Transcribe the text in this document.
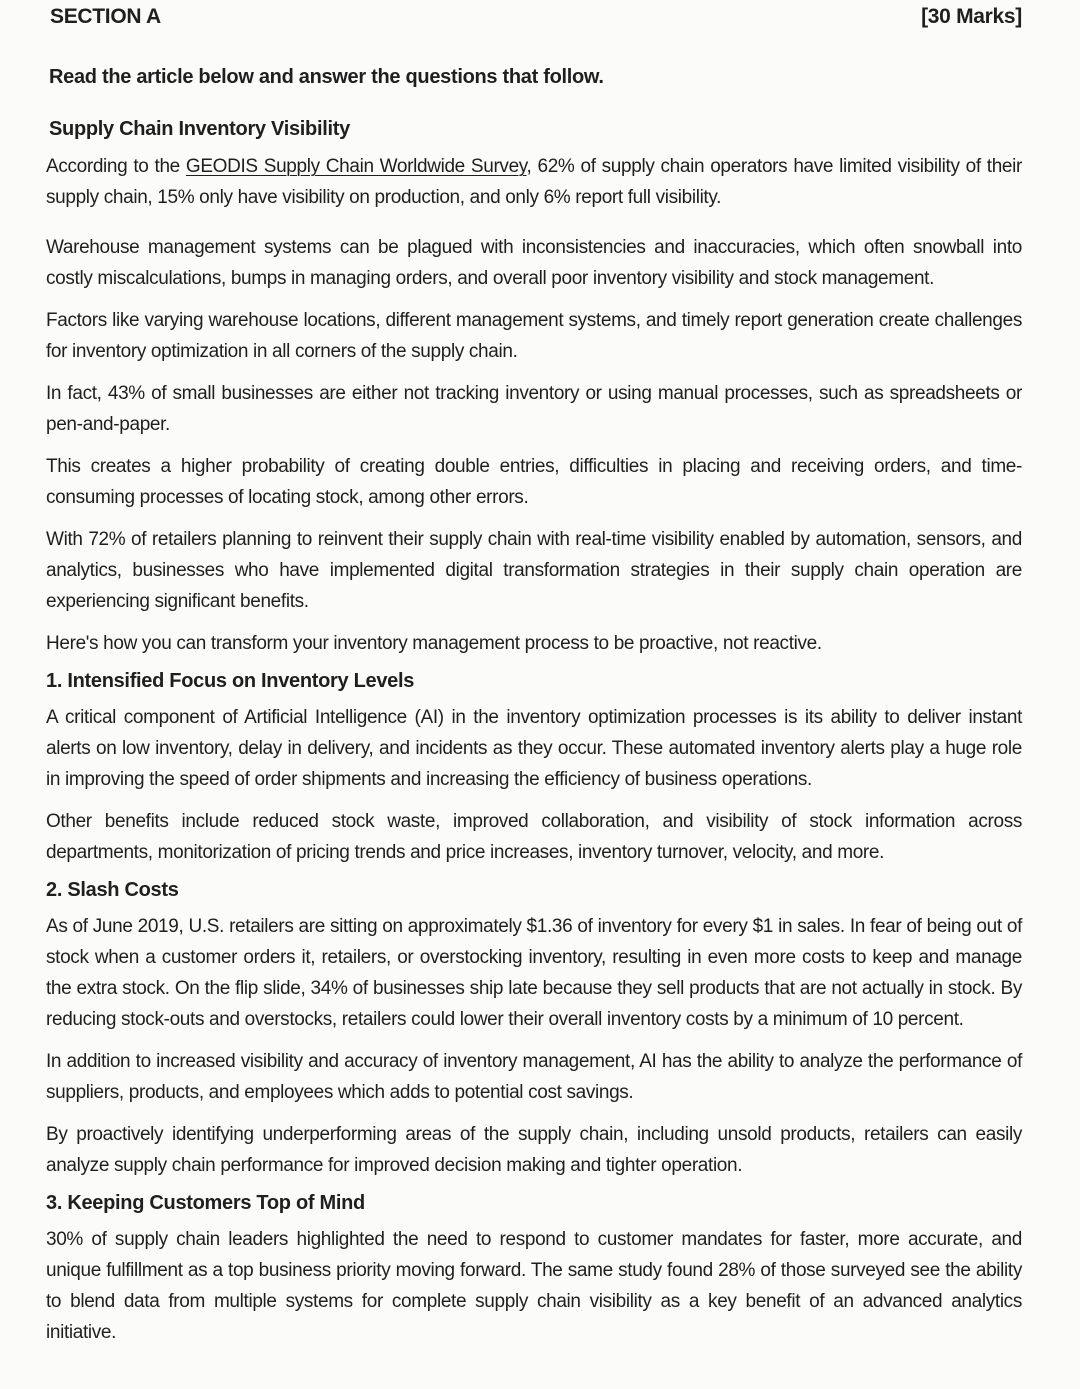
SECTION A	[30 Marks]
Read the article below and answer the questions that follow.
Supply Chain Inventory Visibility

According to the GEODIS Supply Chain Worldwide Survey, 62% of supply chain operators have limited visibility of their supply chain, 15% only have visibility on production, and only 6% report full visibility.

Warehouse management systems can be plagued with inconsistencies and inaccuracies, which often snowball into costly miscalculations, bumps in managing orders, and overall poor inventory visibility and stock management.

Factors like varying warehouse locations, different management systems, and timely report generation create challenges for inventory optimization in all corners of the supply chain.

In fact, 43% of small businesses are either not tracking inventory or using manual processes, such as spreadsheets or pen-and-paper.

This creates a higher probability of creating double entries, difficulties in placing and receiving orders, and time-consuming processes of locating stock, among other errors.

With 72% of retailers planning to reinvent their supply chain with real-time visibility enabled by automation, sensors, and analytics, businesses who have implemented digital transformation strategies in their supply chain operation are experiencing significant benefits.

Here's how you can transform your inventory management process to be proactive, not reactive.

1. Intensified Focus on Inventory Levels

A critical component of Artificial Intelligence (AI) in the inventory optimization processes is its ability to deliver instant alerts on low inventory, delay in delivery, and incidents as they occur. These automated inventory alerts play a huge role in improving the speed of order shipments and increasing the efficiency of business operations.

Other benefits include reduced stock waste, improved collaboration, and visibility of stock information across departments, monitorization of pricing trends and price increases, inventory turnover, velocity, and more.

2. Slash Costs

As of June 2019, U.S. retailers are sitting on approximately $1.36 of inventory for every $1 in sales. In fear of being out of stock when a customer orders it, retailers, or overstocking inventory, resulting in even more costs to keep and manage the extra stock. On the flip slide, 34% of businesses ship late because they sell products that are not actually in stock. By reducing stock-outs and overstocks, retailers could lower their overall inventory costs by a minimum of 10 percent.

In addition to increased visibility and accuracy of inventory management, AI has the ability to analyze the performance of suppliers, products, and employees which adds to potential cost savings.

By proactively identifying underperforming areas of the supply chain, including unsold products, retailers can easily analyze supply chain performance for improved decision making and tighter operation.

3. Keeping Customers Top of Mind

30% of supply chain leaders highlighted the need to respond to customer mandates for faster, more accurate, and unique fulfillment as a top business priority moving forward. The same study found 28% of those surveyed see the ability to blend data from multiple systems for complete supply chain visibility as a key benefit of an advanced analytics initiative.
